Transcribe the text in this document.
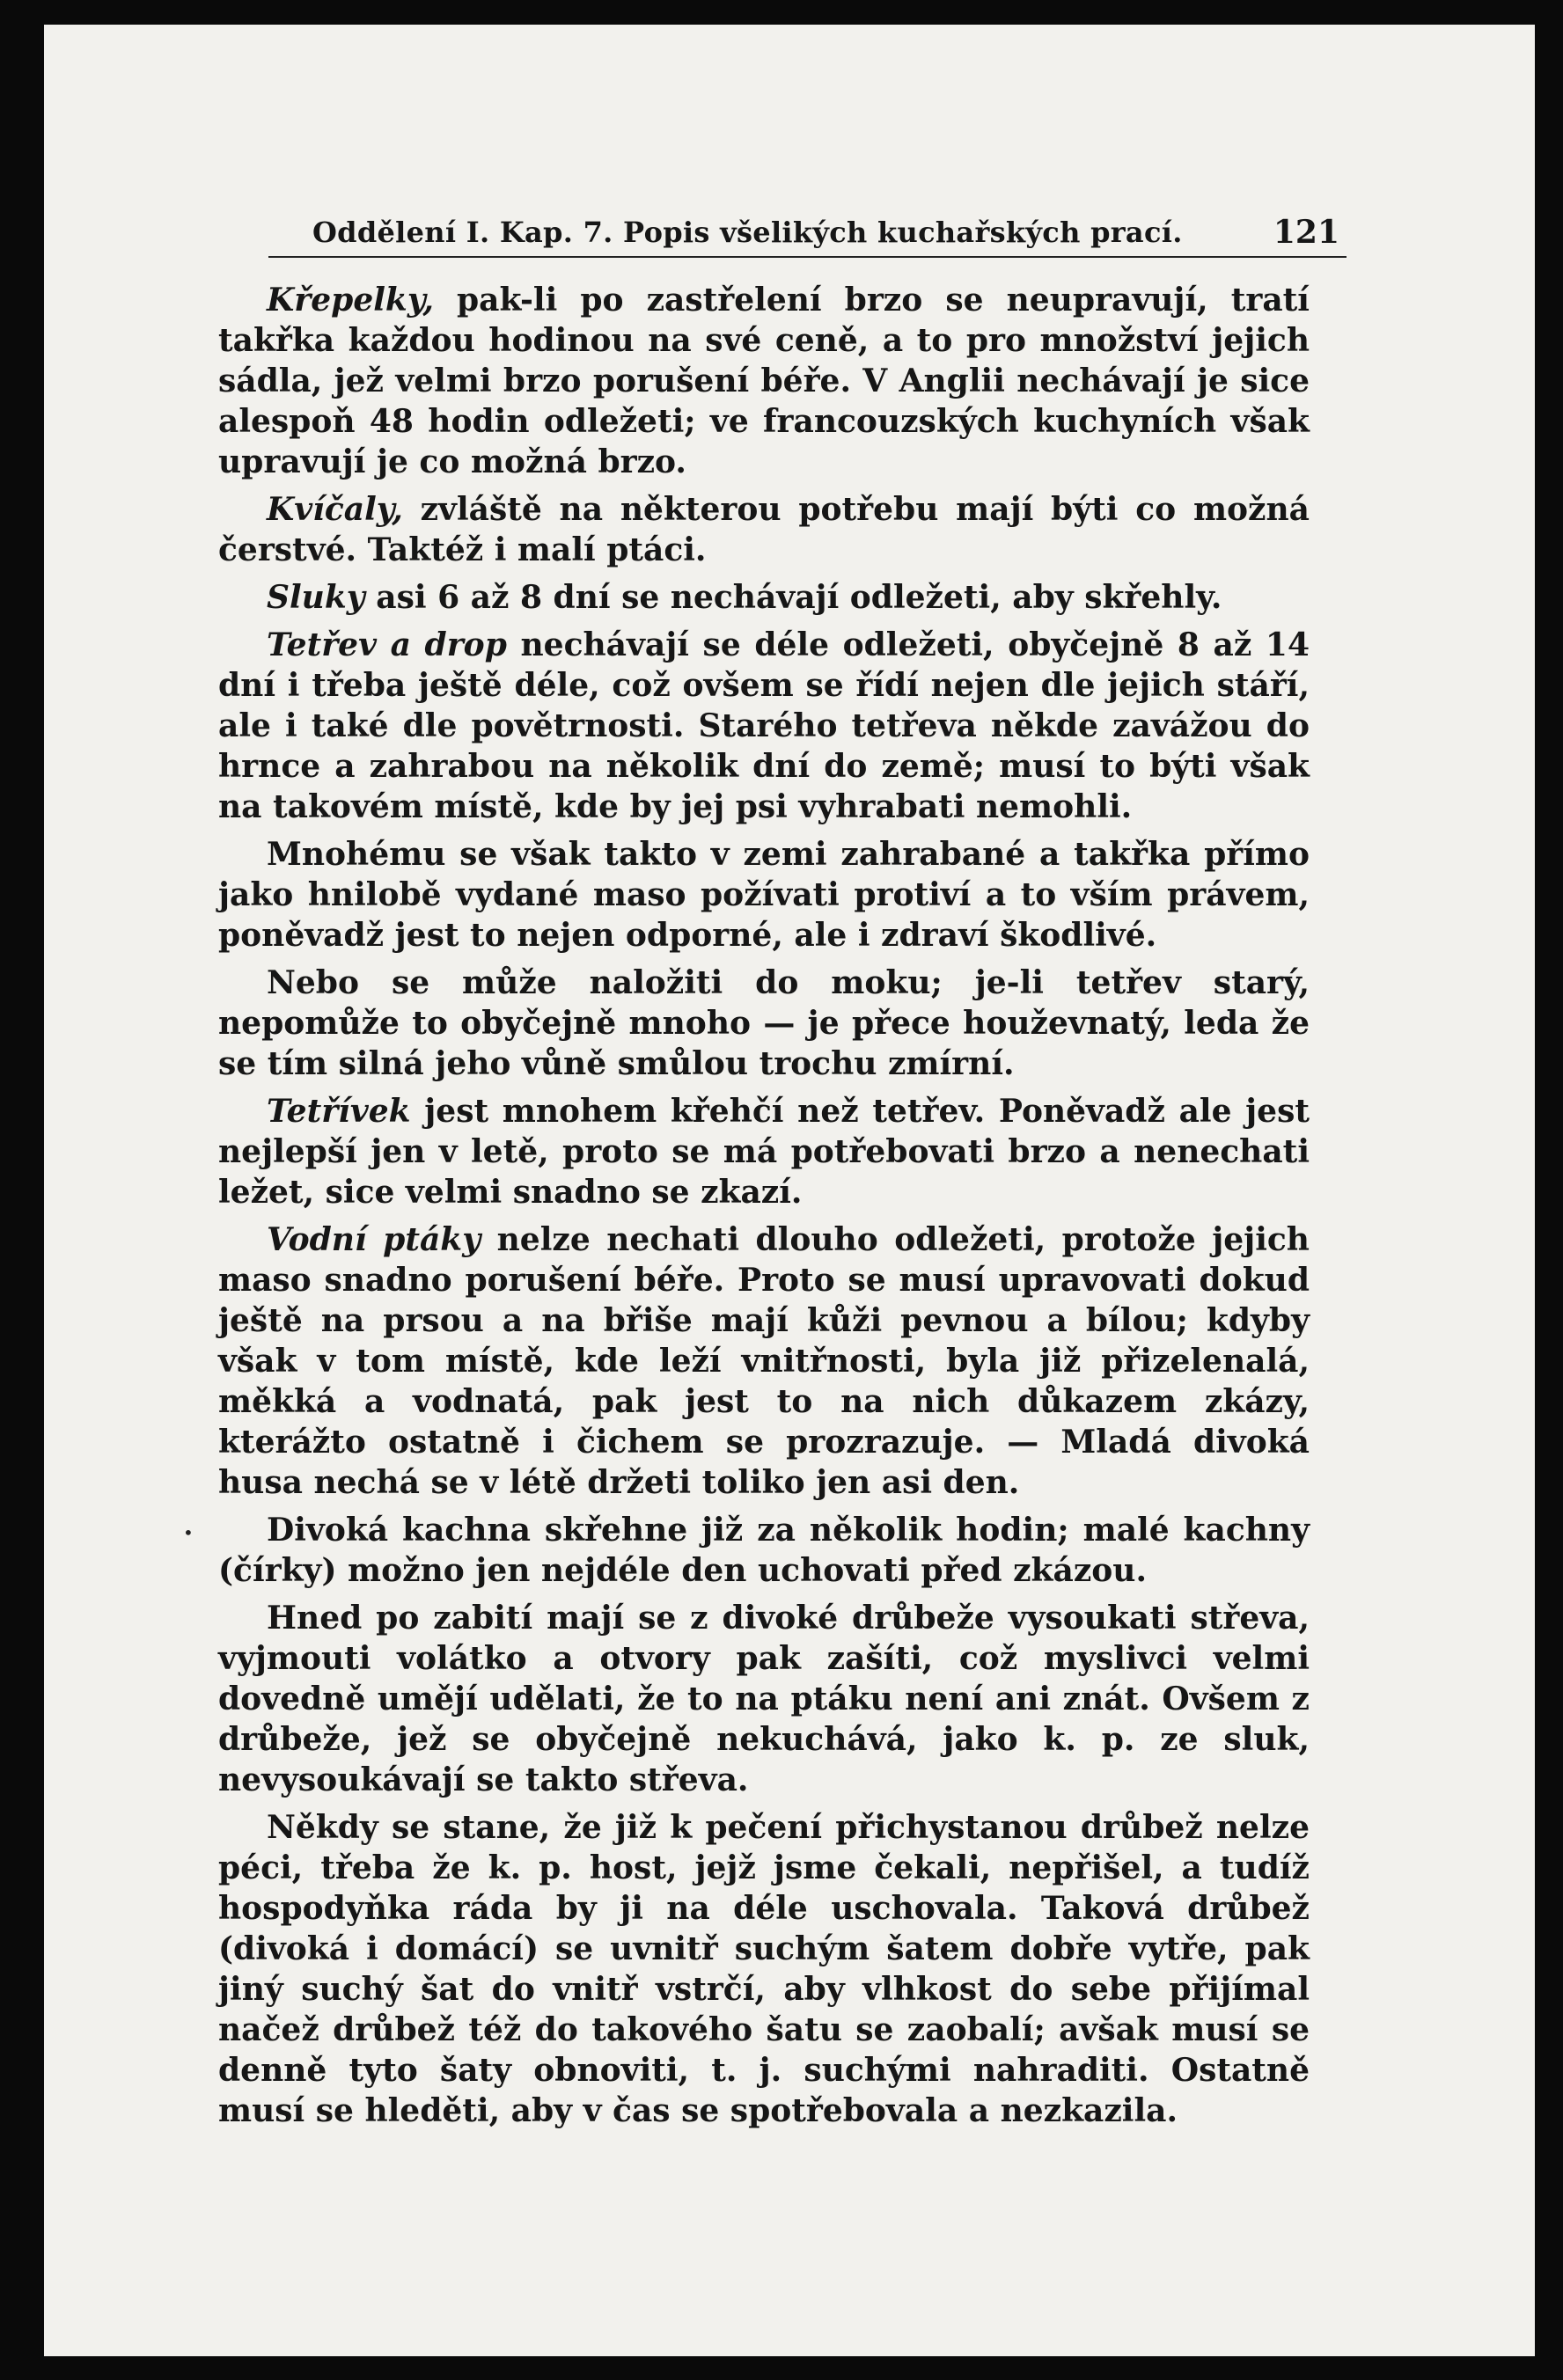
Oddělení I. Kap. 7. Popis všelikých kuchařských prací.	121
•

Křepelky, pak-li po zastřelení brzo se neupravují, tratí takřka každou hodinou na své ceně, a to pro množství jejich sádla, jež velmi brzo porušení béře. V Anglii nechávají je sice alespoň 48 hodin odležeti; ve francouzských kuchyních však upravují je co možná brzo.

Kvíčaly, zvláště na některou potřebu mají býti co možná čerstvé. Taktéž i malí ptáci.

Sluky asi 6 až 8 dní se nechávají odležeti, aby skřehly.

Tetřev a drop nechávají se déle odležeti, obyčejně 8 až 14 dní i třeba ještě déle, což ovšem se řídí nejen dle jejich stáří, ale i také dle povětrnosti. Starého tetřeva někde zavážou do hrnce a zahrabou na několik dní do země; musí to býti však na takovém místě, kde by jej psi vyhrabati nemohli.

Mnohému se však takto v zemi zahrabané a takřka přímo jako hnilobě vydané maso požívati protiví a to vším právem, poněvadž jest to nejen odporné, ale i zdraví škodlivé.

Nebo se může naložiti do moku; je-li tetřev starý, nepomůže to obyčejně mnoho — je přece houževnatý, leda že se tím silná jeho vůně smůlou trochu zmírní.

Tetřívek jest mnohem křehčí než tetřev. Poněvadž ale jest nejlepší jen v letě, proto se má potřebovati brzo a nenechati ležet, sice velmi snadno se zkazí.

Vodní ptáky nelze nechati dlouho odležeti, protože jejich maso snadno porušení béře. Proto se musí upravovati dokud ještě na prsou a na břiše mají kůži pevnou a bílou; kdyby však v tom místě, kde leží vnitřnosti, byla již přizelenalá, měkká a vodnatá, pak jest to na nich důkazem zkázy, kterážto ostatně i čichem se prozrazuje. — Mladá divoká husa nechá se v létě držeti toliko jen asi den.

Divoká kachna skřehne již za několik hodin; malé kachny (čírky) možno jen nejdéle den uchovati před zkázou.

Hned po zabití mají se z divoké drůbeže vysoukati střeva, vyjmouti volátko a otvory pak zašíti, což myslivci velmi dovedně umějí udělati, že to na ptáku není ani znát. Ovšem z drůbeže, jež se obyčejně nekuchává, jako k. p. ze sluk, nevysoukávají se takto střeva.

Někdy se stane, že již k pečení přichystanou drůbež nelze péci, třeba že k. p. host, jejž jsme čekali, nepřišel, a tudíž hospodyňka ráda by ji na déle uschovala. Taková drůbež (divoká i domácí) se uvnitř suchým šatem dobře vytře, pak jiný suchý šat do vnitř vstrčí, aby vlhkost do sebe přijímal načež drůbež též do takového šatu se zaobalí; avšak musí se denně tyto šaty obnoviti, t. j. suchými nahraditi. Ostatně musí se hleděti, aby v čas se spotřebovala a nezkazila.
